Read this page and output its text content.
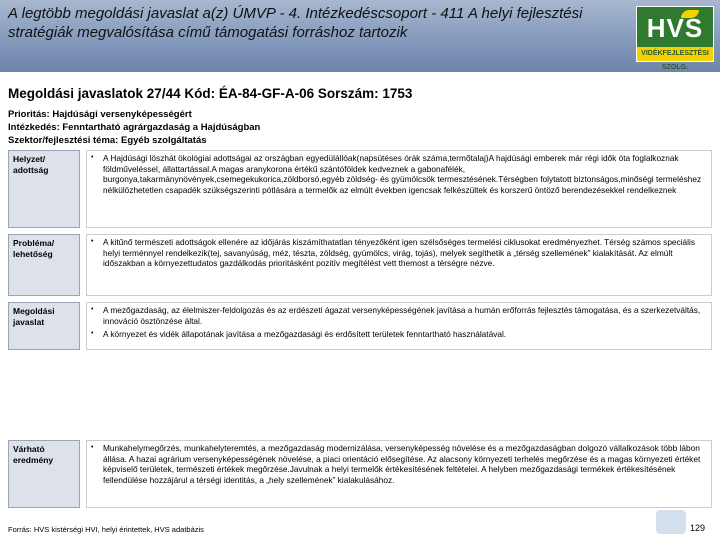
A legtöbb megoldási javaslat a(z) ÚMVP - 4. Intézkedéscsoport - 411 A helyi fejlesztési stratégiák megvalósítása című támogatási forráshoz tartozik	HVS
VIDÉKFEJLESZTÉSI SZOLG.
Megoldási javaslatok 27/44 Kód: ÉA-84-GF-A-06 Sorszám: 1753
Prioritás: Hajdúsági versenyképességért
Intézkedés: Fenntartható agrárgazdaság a Hajdúságban
Szektor/fejlesztési téma: Egyéb szolgáltatás
Helyzet/ adottság
•	A Hajdúsági löszhát ökológiai adottságai az országban egyedülállóak(napsütéses órák száma,termőtalaj)A hajdúsági emberek már régi idők óta foglalkoznak földműveléssel, állattartással.A magas aranykorona értékű szántóföldek kedveznek a gabonafélék, burgonya,takarmánynövények,csemegekukorica,zöldborsó,egyéb zöldség- és gyümölcsök termesztésének.Térségben folytatott biztonságos,minőségi termeléshez nélkülözhetetlen csapadék szükségszerinti pótlására a termelők az elmúlt években igencsak felkészültek és korszerű öntöző berendezésekkel rendelkeznek
Probléma/ lehetőség
•	A kitűnő természeti adottságok ellenére az időjárás kiszámíthatatlan tényezőként igen szélsőséges termelési ciklusokat eredményezhet. Térség számos speciális helyi terménnyel rendelkezik(tej, savanyúság, méz, tészta, zöldség, gyümölcs, virág, tojás), melyek segíthetik a „térség szellemének” kialakítását. Az elmúlt időszakban a környezettudatos gazdálkodás prioritásként pozitív megítélést vett themost a térségre nézve.
Megoldási javaslat
•	A mezőgazdaság, az élelmiszer-feldolgozás és az erdészeti ágazat versenyképességének javítása a humán erőforrás fejlesztés támogatása, és a szerkezetváltás, innováció ösztönzése által.
•	A környezet és vidék állapotának javítása a mezőgazdasági és erdősített területek fenntartható használatával.
Várható eredmény
•	Munkahelymegőrzés, munkahelyteremtés, a mezőgazdaság modernizálása, versenyképesség növelése és a mezőgazdaságban dolgozó vállalkozások több lábon állása. A hazai agrárium versenyképességének növelése, a piaci orientáció elősegítése. Az alacsony környezeti terhelés megőrzése és a magas környezeti értéket képviselő területek, természeti értékek megőrzése.Javulnak a helyi termelők értékesítésének feltételei. A helyben mezőgazdasági termékek értékesítésének fellendülése hozzájárul a térségi identitás, a „hely szellemének” kialakulásához.
Forrás: HVS kistérségi HVI, helyi érintettek, HVS adatbázis	129
